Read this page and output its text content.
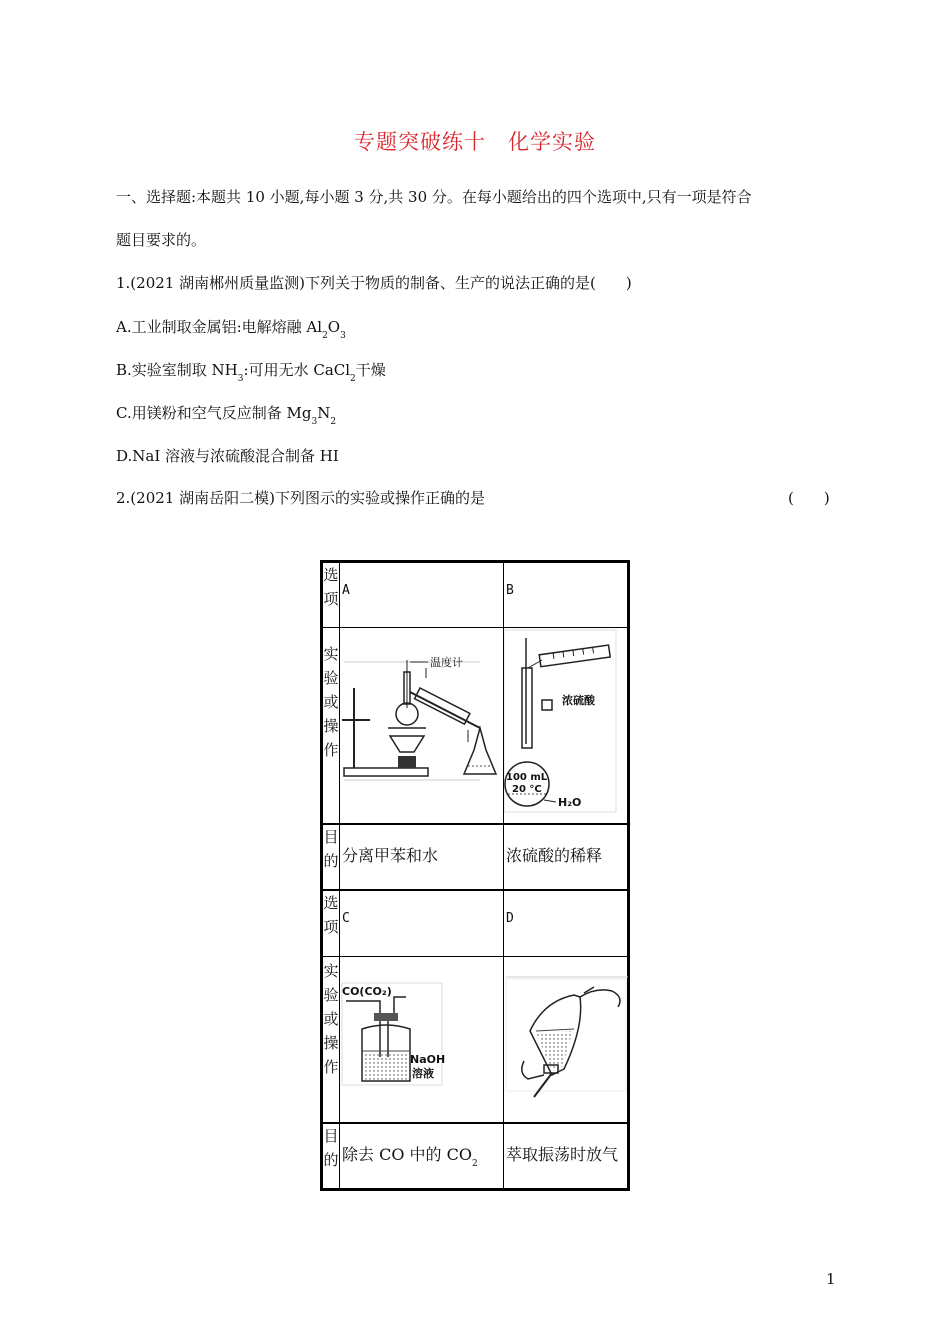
专题突破练十　化学实验
一、选择题:本题共 10 小题,每小题 3 分,共 30 分。在每小题给出的四个选项中,只有一项是符合
题目要求的。
1.(2021 湖南郴州质量监测)下列关于物质的制备、生产的说法正确的是(　　)
A.工业制取金属铝:电解熔融 $Al_2O_3$
B.实验室制取 $NH_3$:可用无水 CaCl$_2$干燥
C.用镁粉和空气反应制备 $Mg_3N_2$
D.NaI 溶液与浓硫酸混合制备 HI
2.(2021 湖南岳阳二模)下列图示的实验或操作正确的是	(　　)
选项	A	B

实验或操作	温度计	浓硫酸
100 mL
20 °C
H₂O

目的	分离甲苯和水	浓硫酸的稀释

选项	C	D

实验或操作	CO(CO₂)
NaOH
溶液

目的	除去 CO 中的 $CO_2$	萃取振荡时放气
1
